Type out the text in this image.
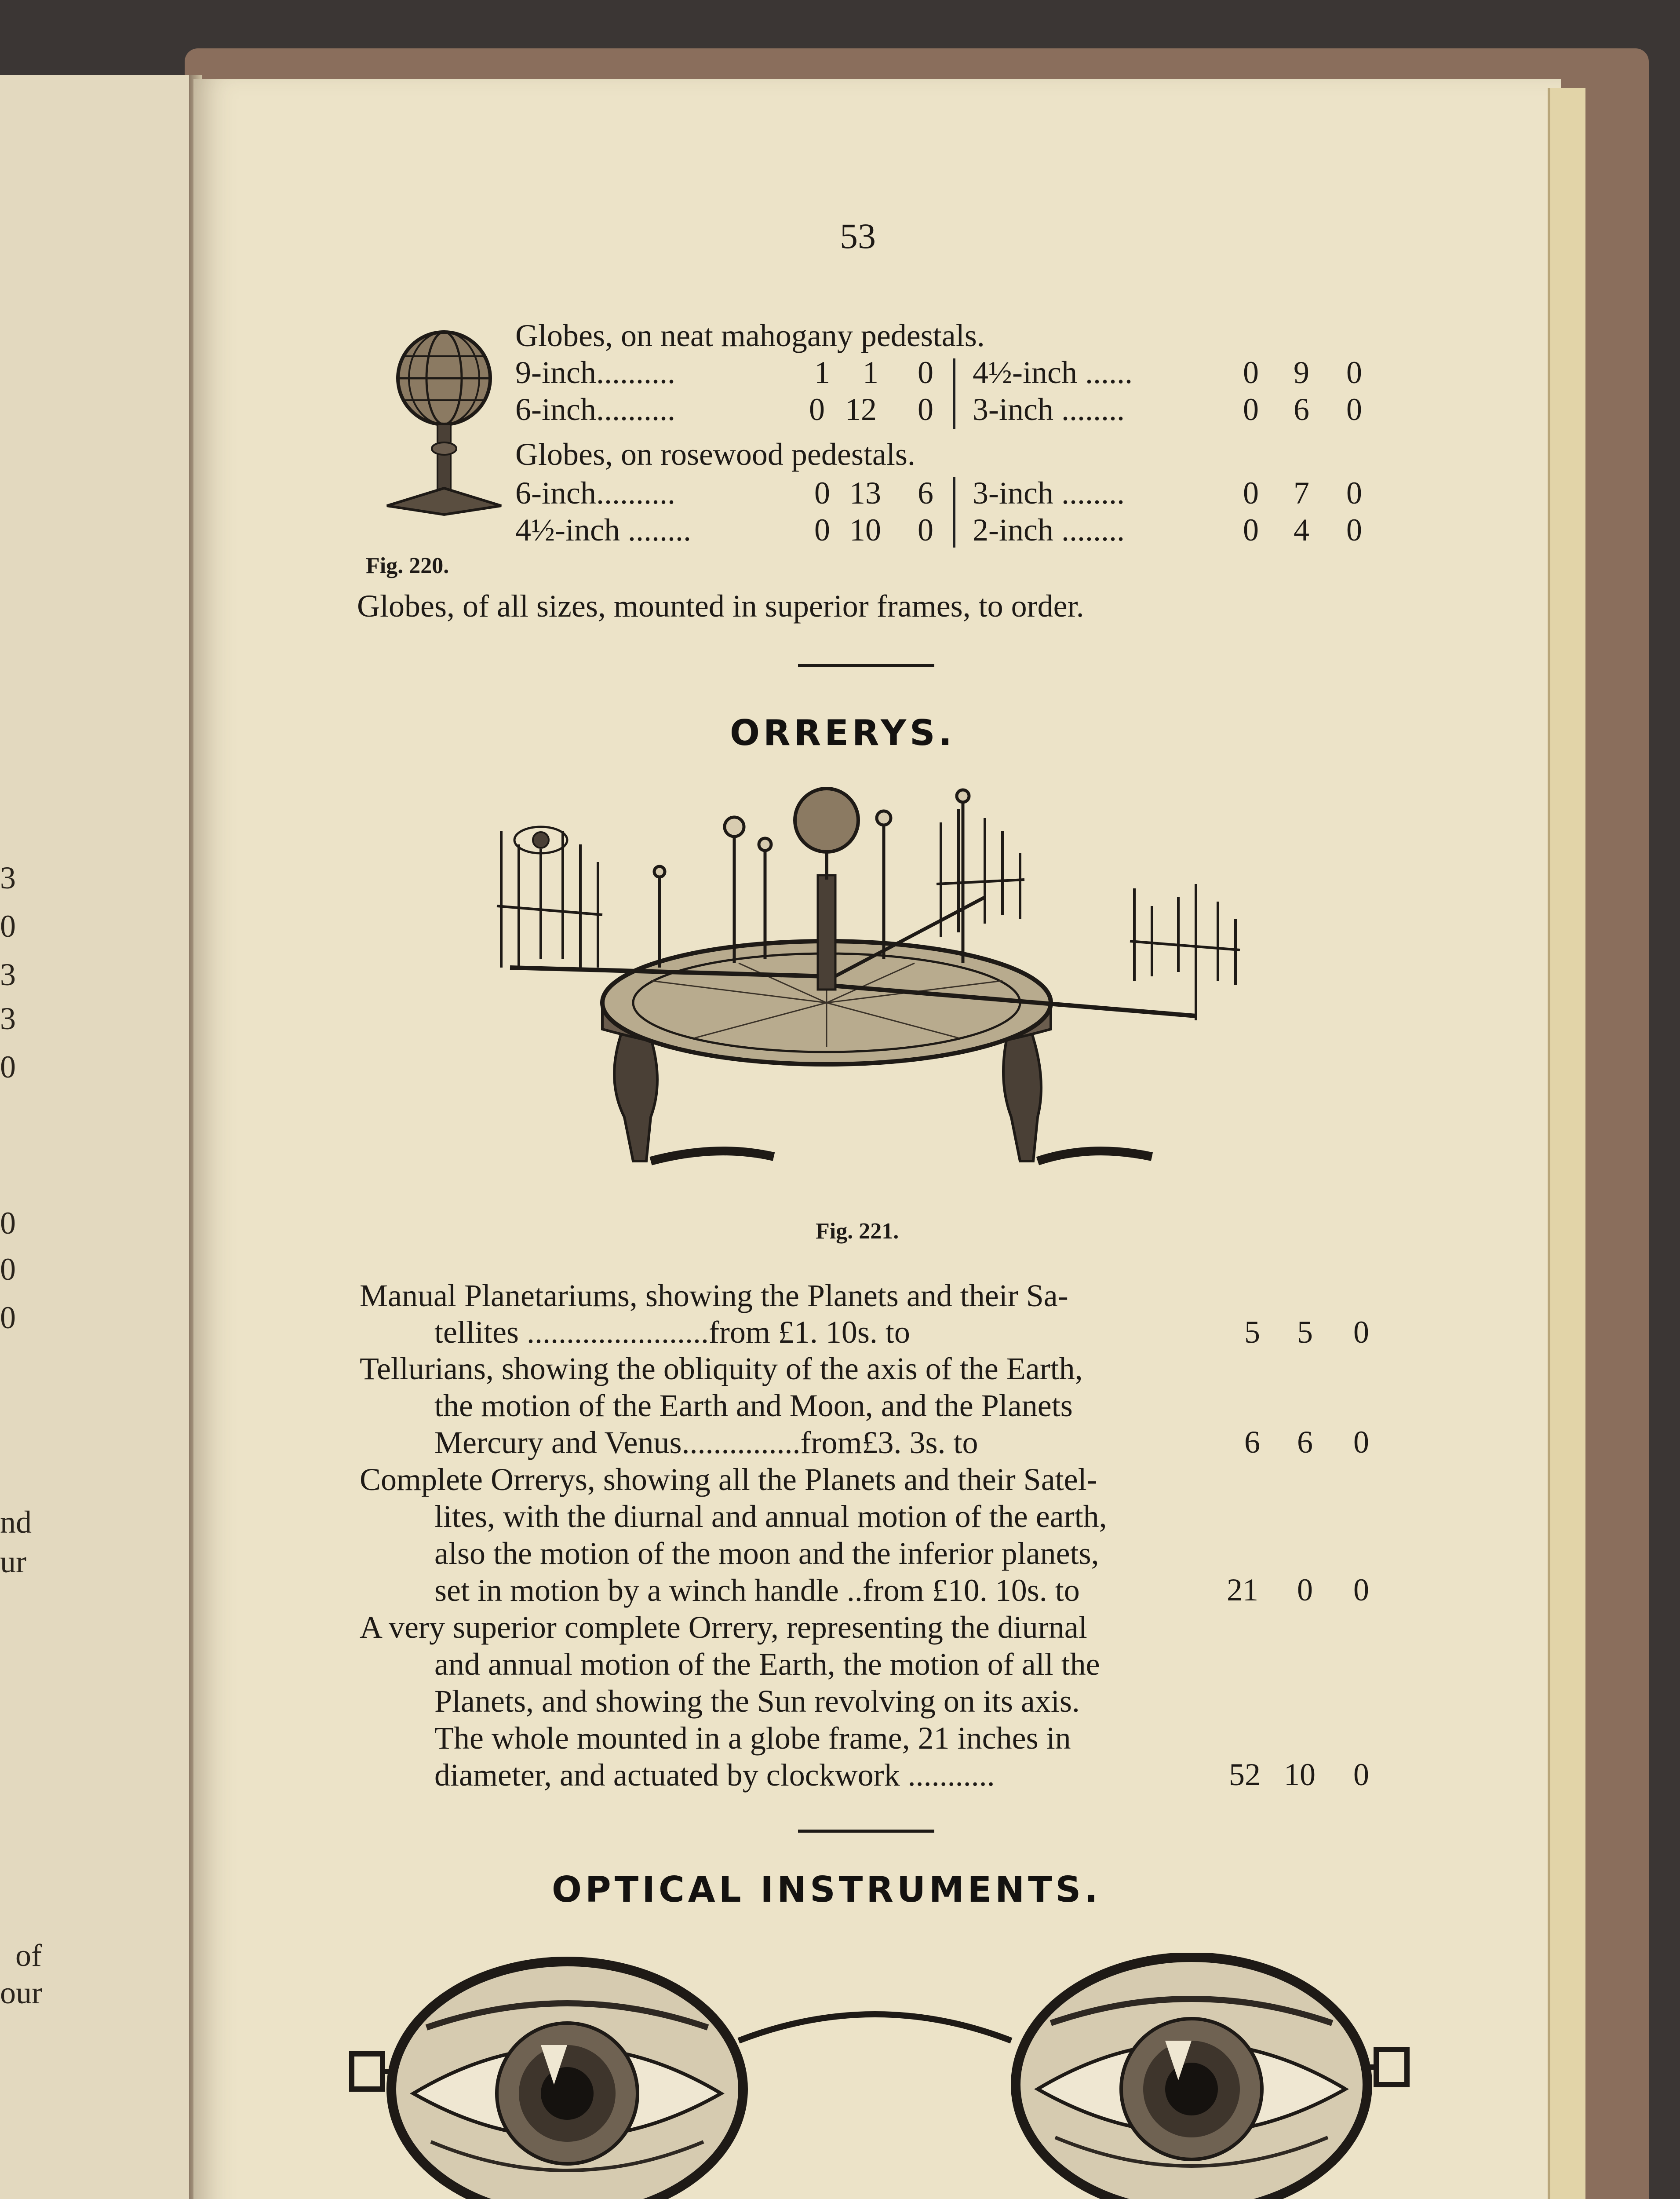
3
0
3
3
0
0
0
0
nd
ur
of
our
53
Fig. 220.
Globes, on neat mahogany pedestals.
9-inch..........	1 1 0 4½-inch ......	0 9 0
6-inch..........	0 12 0 3-inch ........	0 6 0
Globes, on rosewood pedestals.
6-inch..........	0 13 6 3-inch ........	0 7 0
4½-inch ........	0 10 0 2-inch ........	0 4 0
Globes, of all sizes, mounted in superior frames, to order.
ORRERYS.
Fig. 221.
Manual Planetariums, showing the Planets and their Sa-
tellites .......................from £1. 10s. to	5 5 0
Tellurians, showing the obliquity of the axis of the Earth,
the motion of the Earth and Moon, and the Planets
Mercury and Venus...............from£3. 3s. to	6 6 0
Complete Orrerys, showing all the Planets and their Satel-
lites, with the diurnal and annual motion of the earth,
also the motion of the moon and the inferior planets,
set in motion by a winch handle ..from £10. 10s. to	21 0 0
A very superior complete Orrery, representing the diurnal
and annual motion of the Earth, the motion of all the
Planets, and showing the Sun revolving on its axis.
The whole mounted in a globe frame, 21 inches in
diameter, and actuated by clockwork ...........	52 10 0
OPTICAL INSTRUMENTS.
